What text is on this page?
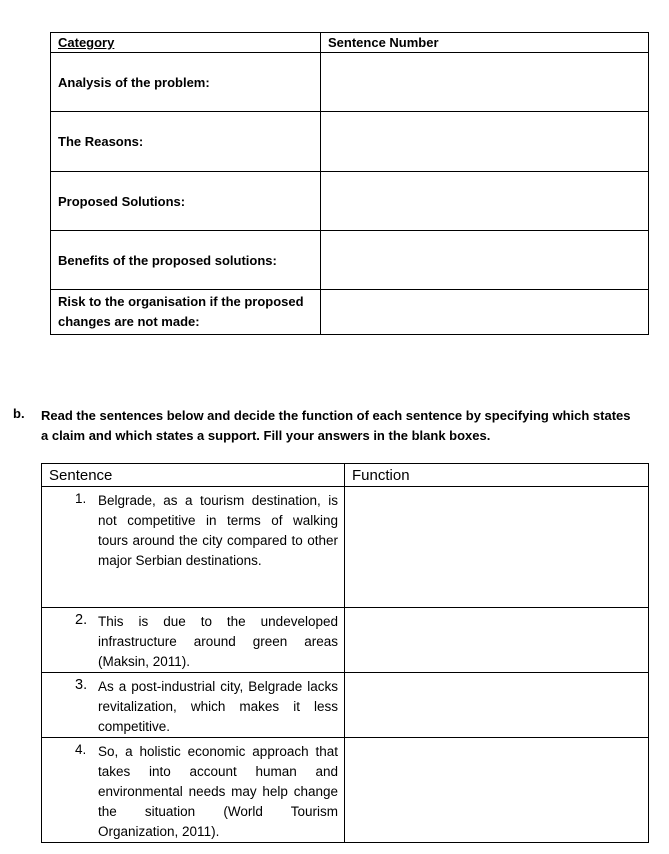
Category	Sentence Number
Analysis of the problem:	
The Reasons:	
Proposed Solutions:	
Benefits of the proposed solutions:	
Risk to the organisation if the proposed changes are not made:	
b. Read the sentences below and decide the function of each sentence by specifying which states a claim and which states a support. Fill your answers in the blank boxes.
Sentence	Function

1. Belgrade, as a tourism destination, is not competitive in terms of walking tours around the city compared to other major Serbian destinations.	

2. This is due to the undeveloped infrastructure around green areas (Maksin, 2011).	

3. As a post-industrial city, Belgrade lacks revitalization, which makes it less competitive.	

4. So, a holistic economic approach that takes into account human and environmental needs may help change the situation (World Tourism Organization, 2011).	
